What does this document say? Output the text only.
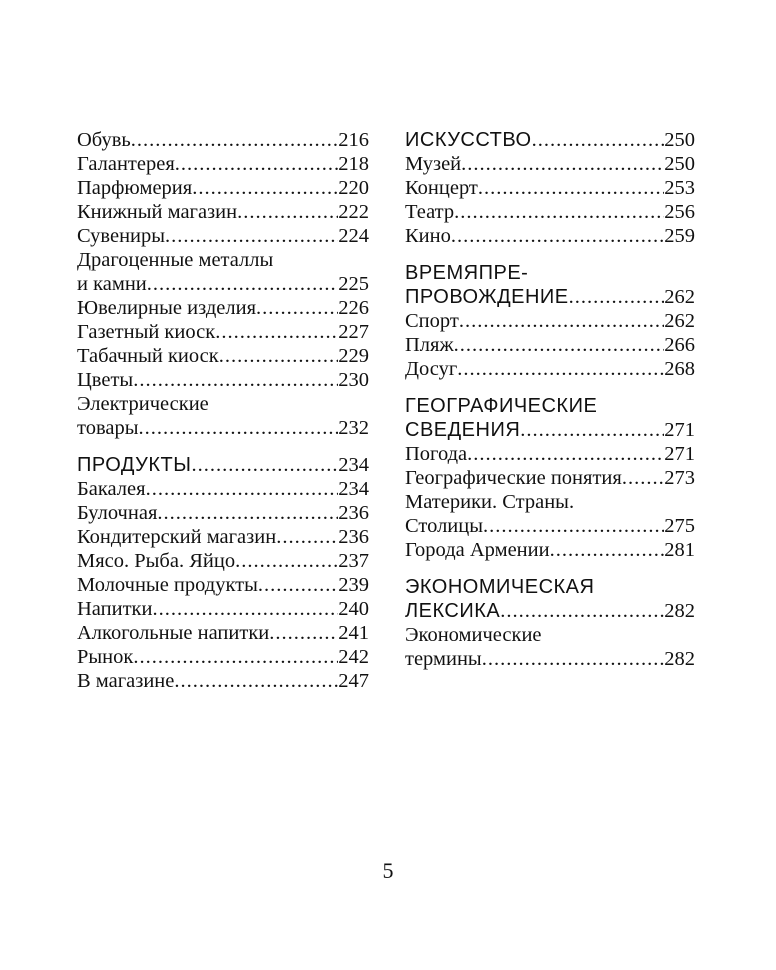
Обувь .....	216
Галантерея .....	218
Парфюмерия .....	220
Книжный магазин .....	222
Сувениры .....	224
Драгоценные металлы
и камни .....	225
Ювелирные изделия .....	226
Газетный киоск .....	227
Табачный киоск .....	229
Цветы .....	230
Электрические
товары .....	232
ПРОДУКТЫ .....	234
Бакалея .....	234
Булочная .....	236
Кондитерский магазин .....	236
Мясо. Рыба. Яйцо .....	237
Молочные продукты .....	239
Напитки .....	240
Алкогольные напитки .....	241
Рынок .....	242
В магазине .....	247
ИСКУССТВО .....	250
Музей .....	250
Концерт .....	253
Театр .....	256
Кино .....	259
ВРЕМЯПРЕ-
ПРОВОЖДЕНИЕ .....	262
Спорт .....	262
Пляж .....	266
Досуг .....	268
ГЕОГРАФИЧЕСКИЕ
СВЕДЕНИЯ .....	271
Погода .....	271
Географические понятия ..... 273
Материки. Страны.
Столицы .....	275
Города Армении .....	281
ЭКОНОМИЧЕСКАЯ
ЛЕКСИКА .....	282
Экономические
термины .....	282
5
